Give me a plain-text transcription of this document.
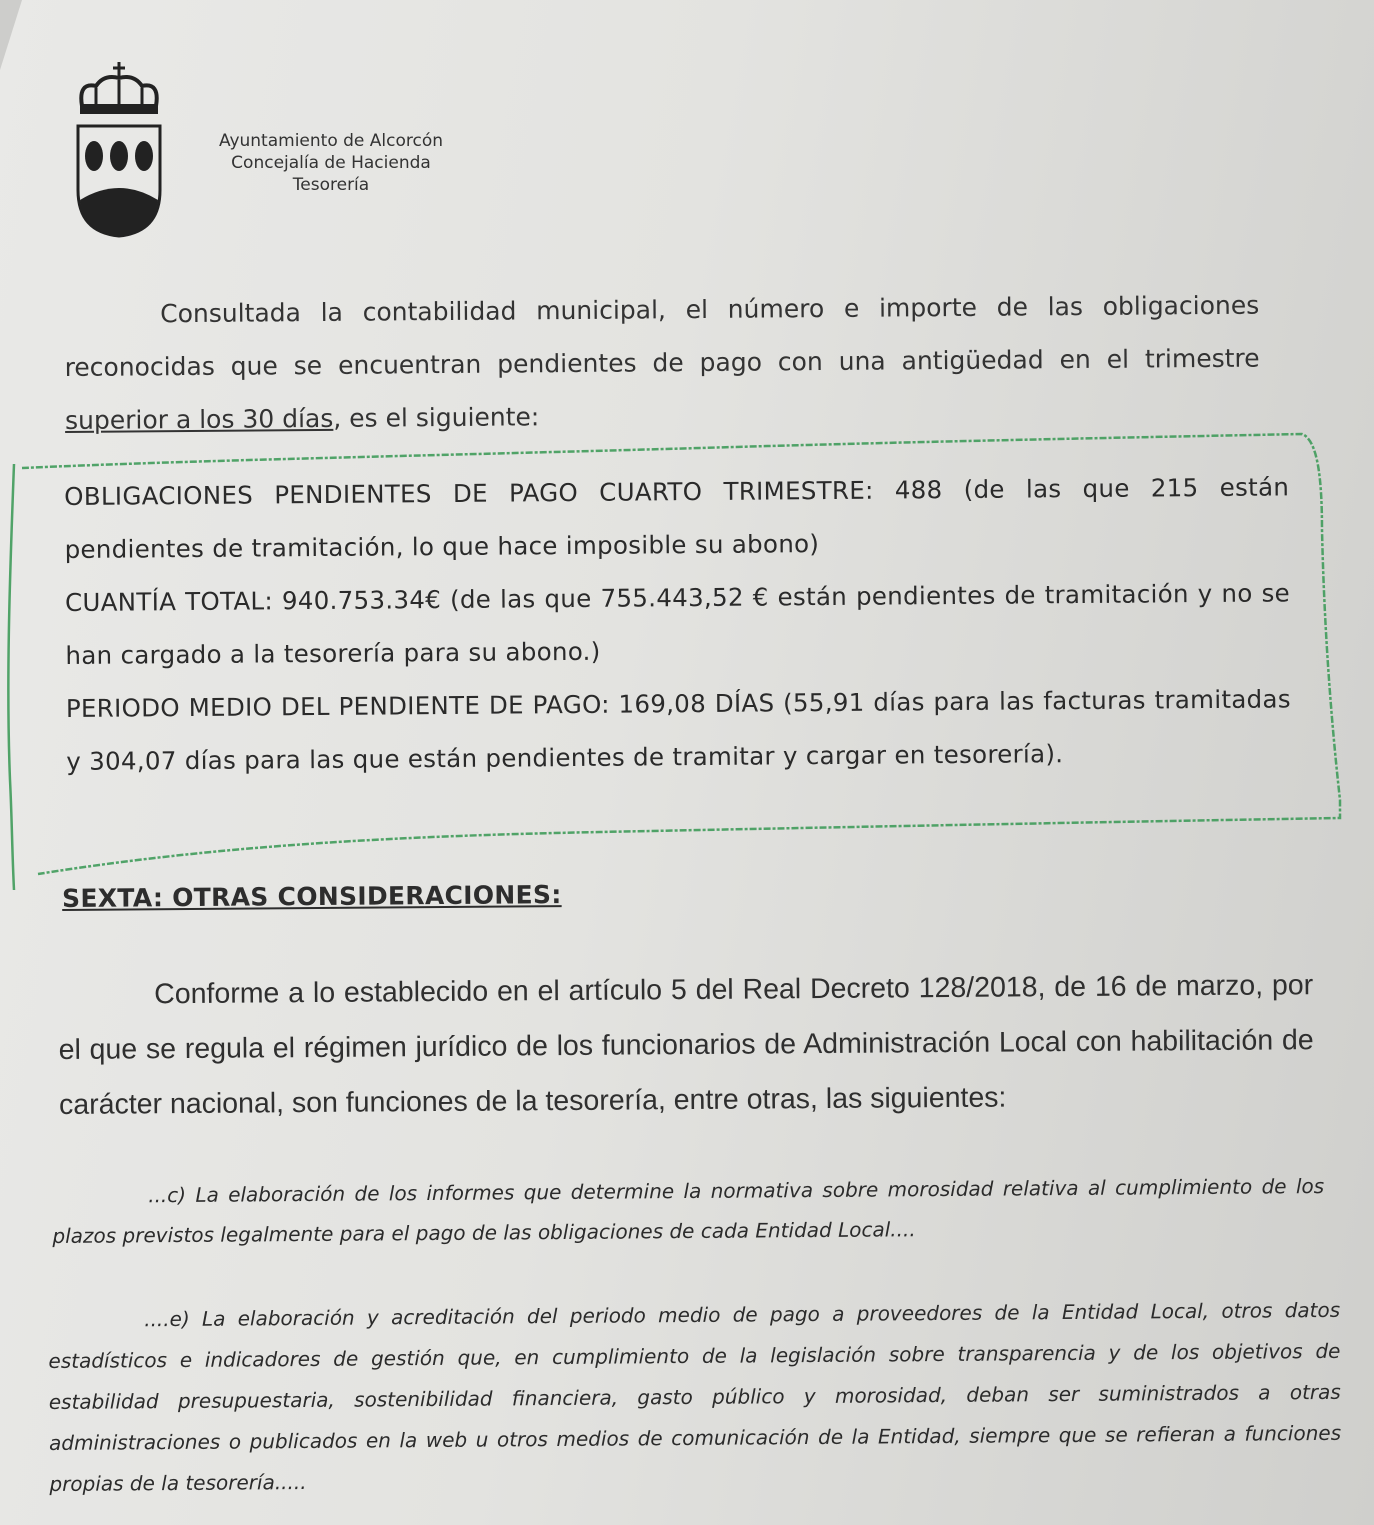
Ayuntamiento de Alcorcón
Concejalía de Hacienda
Tesorería
Consultada la contabilidad municipal, el número e importe de las obligaciones reconocidas que se encuentran pendientes de pago con una antigüedad en el trimestre superior a los 30 días, es el siguiente:

OBLIGACIONES PENDIENTES DE PAGO CUARTO TRIMESTRE: 488 (de las que 215 están pendientes de tramitación, lo que hace imposible su abono)

CUANTÍA TOTAL: 940.753.34€ (de las que 755.443,52 € están pendientes de tramitación y no se han cargado a la tesorería para su abono.)

PERIODO MEDIO DEL PENDIENTE DE PAGO: 169,08 DÍAS (55,91 días para las facturas tramitadas y 304,07 días para las que están pendientes de tramitar y cargar en tesorería).

SEXTA: OTRAS CONSIDERACIONES:

Conforme a lo establecido en el artículo 5 del Real Decreto 128/2018, de 16 de marzo, por el que se regula el régimen jurídico de los funcionarios de Administración Local con habilitación de carácter nacional, son funciones de la tesorería, entre otras, las siguientes:

...c) La elaboración de los informes que determine la normativa sobre morosidad relativa al cumplimiento de los plazos previstos legalmente para el pago de las obligaciones de cada Entidad Local....

....e) La elaboración y acreditación del periodo medio de pago a proveedores de la Entidad Local, otros datos estadísticos e indicadores de gestión que, en cumplimiento de la legislación sobre transparencia y de los objetivos de estabilidad presupuestaria, sostenibilidad financiera, gasto público y morosidad, deban ser suministrados a otras administraciones o publicados en la web u otros medios de comunicación de la Entidad, siempre que se refieran a funciones propias de la tesorería.....
